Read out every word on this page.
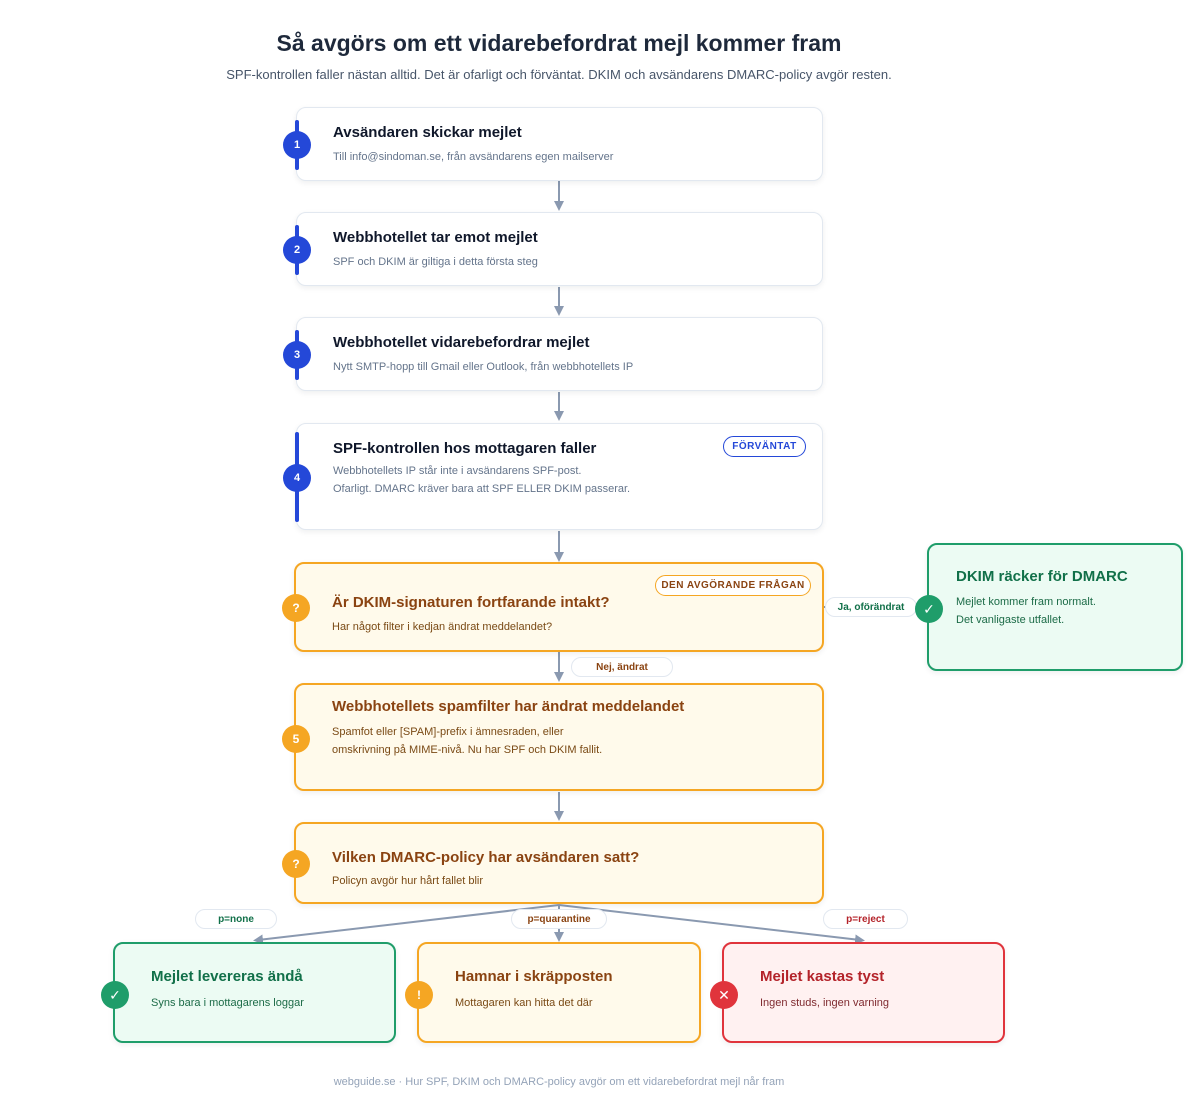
Så avgörs om ett vidarebefordrat mejl kommer fram
SPF-kontrollen faller nästan alltid. Det är ofarligt och förväntat. DKIM och avsändarens DMARC-policy avgör resten.
1
Avsändaren skickar mejlet
Till info@sindoman.se, från avsändarens egen mailserver
2
Webbhotellet tar emot mejlet
SPF och DKIM är giltiga i detta första steg
3
Webbhotellet vidarebefordrar mejlet
Nytt SMTP-hopp till Gmail eller Outlook, från webbhotellets IP
4
SPF-kontrollen hos mottagaren faller
Webbhotellets IP står inte i avsändarens SPF-post.
Ofarligt. DMARC kräver bara att SPF ELLER DKIM passerar.
FÖRVÄNTAT
?	Är DKIM-signaturen fortfarande intakt?
Har något filter i kedjan ändrat meddelandet?
DEN AVGÖRANDE FRÅGAN
Ja, oförändrat	✓
DKIM räcker för DMARC
Mejlet kommer fram normalt.
Det vanligaste utfallet.
Nej, ändrat
5
Webbhotellets spamfilter har ändrat meddelandet
Spamfot eller [SPAM]-prefix i ämnesraden, eller
omskrivning på MIME-nivå. Nu har SPF och DKIM fallit.
?	Vilken DMARC-policy har avsändaren satt?
Policyn avgör hur hårt fallet blir
p=none	p=quarantine	p=reject
✓
Mejlet levereras ändå
Syns bara i mottagarens loggar
!
Hamnar i skräpposten
Mottagaren kan hitta det där
✕
Mejlet kastas tyst
Ingen studs, ingen varning
webguide.se · Hur SPF, DKIM och DMARC-policy avgör om ett vidarebefordrat mejl når fram
